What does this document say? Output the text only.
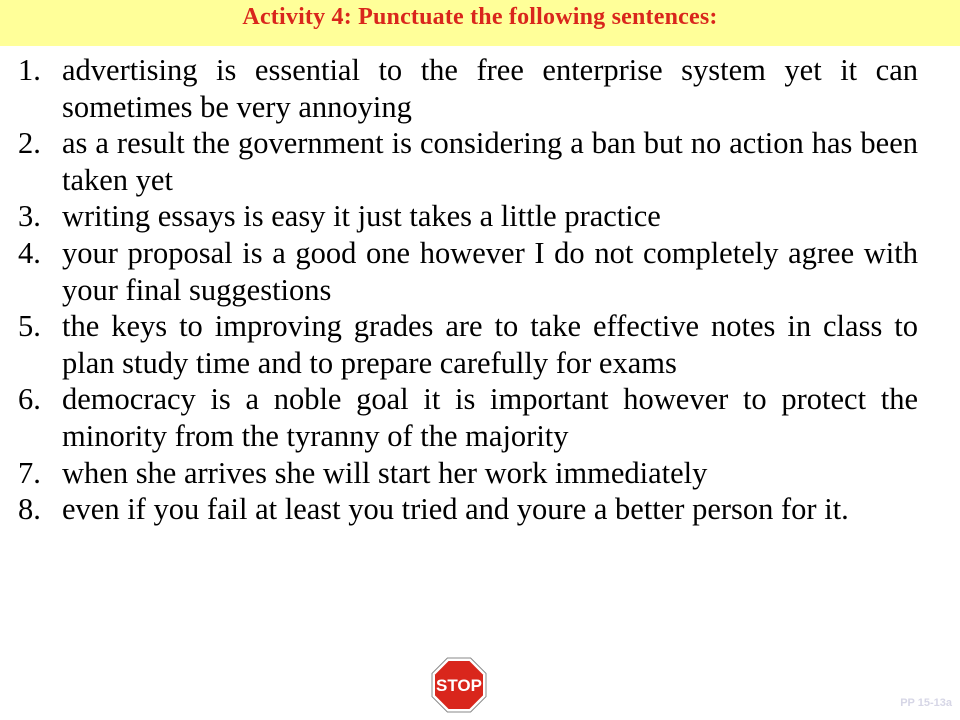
Activity 4: Punctuate the following sentences:
1. advertising is essential to the free enterprise system yet it can sometimes be very annoying
2. as a result the government is considering a ban but no action has been taken yet
3. writing essays is easy it just takes a little practice
4. your proposal is a good one however I do not completely agree with your final suggestions
5. the keys to improving grades are to take effective notes in class to plan study time and to prepare carefully for exams
6. democracy is a noble goal it is important however to protect the minority from the tyranny of the majority
7. when she arrives she will start her work immediately
8. even if you fail at least you tried and youre a better person for it.
STOP
PP 15-13a
